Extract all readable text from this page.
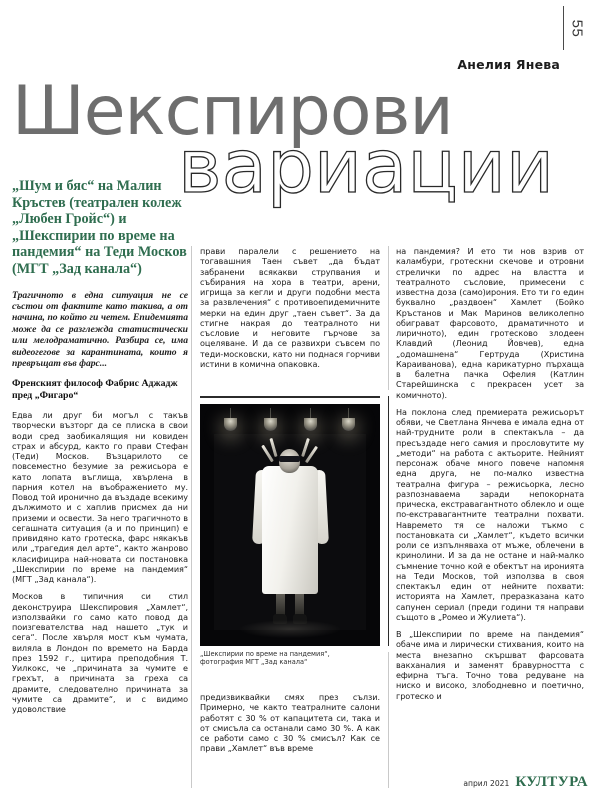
55
Анелия Янева
Шекспирови
вариации

„Шум и бяс“ на Малин Кръстев (театрален колеж „Любен Гройс“) и „Шекспирии по време на пандемия“ на Теди Москов (МГТ „Зад канала“)

Трагичното в една ситуация не се състои от фактите като такива, а от начина, по който ги четем. Епидемията може да се разглежда статистически или мелодраматично. Разбира се, има видеогегове за карантината, които я превръщат във фарс...

Френският философ Фабрис Аджадж пред „Фигаро“

Едва ли друг би могъл с такъв творчески възторг да се плиска в свои води сред заобикалящия ни ковиден страх и абсурд, както го прави Стефан (Теди) Москов. Възцарилото се повсеместно безумие за режисьора е като лопата въглища, хвърлена в парния котел на въображението му. Повод той иронично да въздаде всекиму дължимото и с хаплив присмех да ни приземи и освести. За него трагичното в сегашната ситуация (а и по принцип) е привидяно като гротеска, фарс някакъв или „трагедия дел арте“, както жанрово класифицира най-новата си постановка „Шекспирии по време на пандемия“ (МГТ „Зад канала“).

Москов в типичния си стил деконструира Шекспировия „Хамлет“, използвайки го само като повод да поизгеватeлства над нашето „тук и сега“. После хвърля мост към чумата, виляла в Лондон по времето на Барда през 1592 г., цитира преподобния Т. Уилкокс, че „причината за чумите е грехът, а причината за греха са драмите, следователно причината за чумите са драмите“, и с видимо удоволствие

прави паралели с решението на тогавашния Таен съвет „да бъдат забранени всякакви струпвания и събирания на хора в театри, арени, игрища за кегли и други подобни места за развлечения“ с противоепидемичните мерки на един друг „таен съвет“. За да стигне накрая до театралното ни съсловие и неговите гърчове за оцеляване. И да се развихри съвсем по теди-московски, като ни поднася горчиви истини в комична опаковка.

„Шекспирии по време на пандемия“,
фотография МГТ „Зад канала“

предизвиквайки смях през сълзи. Примерно, че както театралните салони работят с 30 % от капацитета си, така и от смисъла са останали само 30 %. А как се работи само с 30 % смисъл? Как се прави „Хамлет“ във време

на пандемия? И ето ти нов взрив от каламбури, гротескни скечове и отровни стрелички по адрес на властта и театралното съсловие, примесени с известна доза (само)ирония. Ето ти го един буквално „раздвоен“ Хамлет (Бойко Кръстанов и Мак Маринов великолепно обиграват фарсовото, драматичното и лиричното), един гротесково злодеен Клавдий (Леонид Йовчев), една „одомашнена“ Гертруда (Христина Караиванова), една карикатурно пърхаща в балетна пачка Офелия (Катлин Старейшинска с прекрасен усет за комичното).

На поклона след премиерата режисьорът обяви, че Светлана Янчева е имала една от най-трудните роли в спектакъла – да пресъздаде него самия и прословутите му „методи“ на работа с актьорите. Нейният персонаж обаче много повече напомня една друга, не по-малко известна театрална фигура – режисьорка, лесно разпознаваема заради непокорната прическа, екстравагантното облекло и още по-екстравагантните театрални похвати. Навремето тя се наложи тъкмо с постановката си „Хамлет“, където всички роли се изпълняваха от мъже, облечени в кринолини. И за да не остане и най-малко съмнение точно кой е обектът на иронията на Теди Москов, той използва в своя спектакъл един от нейните похвати: историята на Хамлет, преразказана като сапунен сериал (преди години тя направи същото в „Ромео и Жулиета“).

В „Шекспирии по време на пандемия“ обаче има и лирически стихвания, които на места внезапно скършват фарсовата вакханалия и заменят бравурността с ефирна тъга. Точно това редуване на ниско и високо, злободневно и поетично, гротеско и

април 2021 КУЛТУРА
